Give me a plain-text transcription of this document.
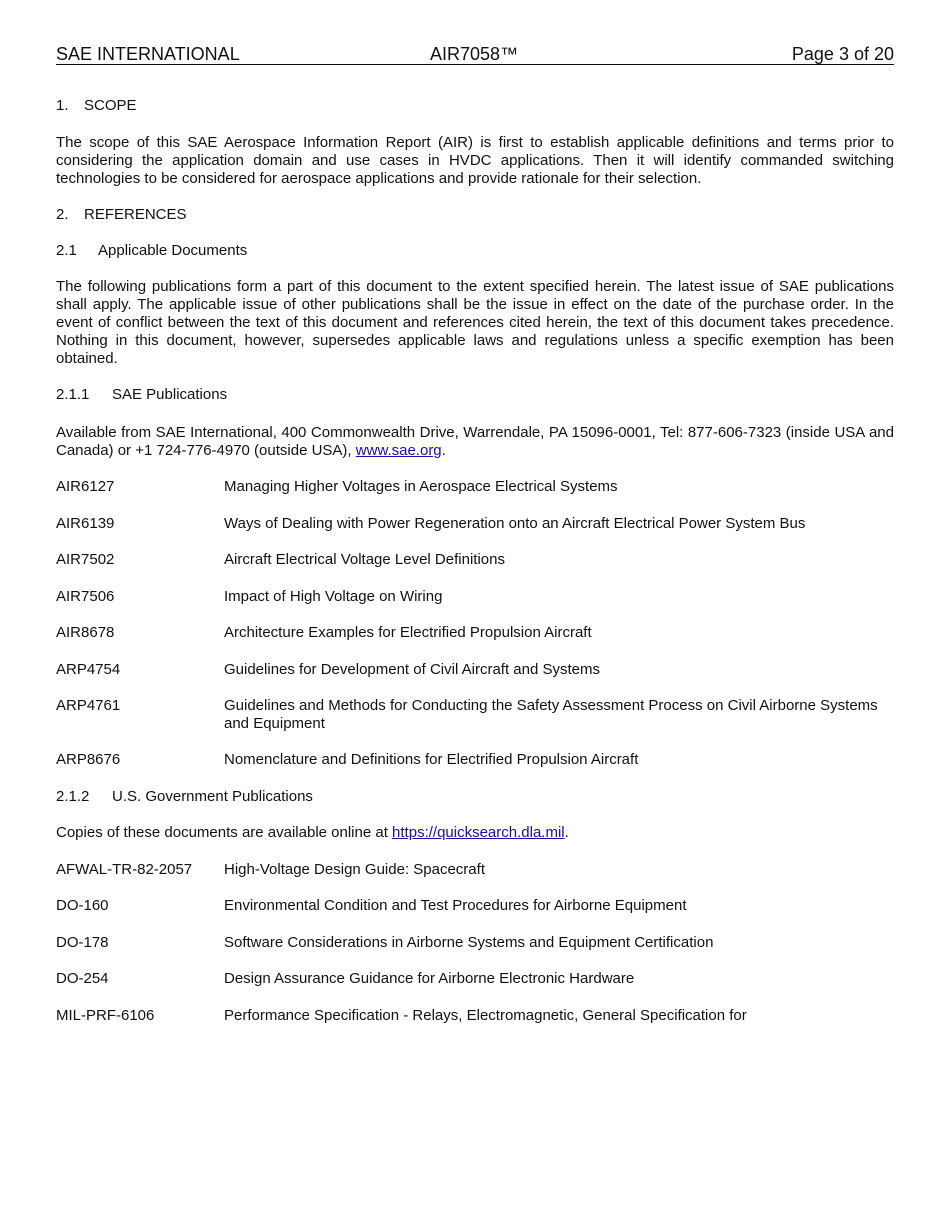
SAE INTERNATIONAL	AIR7058™	Page 3 of 20
1. SCOPE
The scope of this SAE Aerospace Information Report (AIR) is first to establish applicable definitions and terms prior to considering the application domain and use cases in HVDC applications. Then it will identify commanded switching technologies to be considered for aerospace applications and provide rationale for their selection.
2. REFERENCES
2.1 Applicable Documents
The following publications form a part of this document to the extent specified herein. The latest issue of SAE publications shall apply. The applicable issue of other publications shall be the issue in effect on the date of the purchase order. In the event of conflict between the text of this document and references cited herein, the text of this document takes precedence. Nothing in this document, however, supersedes applicable laws and regulations unless a specific exemption has been obtained.
2.1.1 SAE Publications
Available from SAE International, 400 Commonwealth Drive, Warrendale, PA 15096-0001, Tel: 877-606-7323 (inside USA and Canada) or +1 724-776-4970 (outside USA), www.sae.org.
AIR6127	Managing Higher Voltages in Aerospace Electrical Systems
AIR6139	Ways of Dealing with Power Regeneration onto an Aircraft Electrical Power System Bus
AIR7502	Aircraft Electrical Voltage Level Definitions
AIR7506	Impact of High Voltage on Wiring
AIR8678	Architecture Examples for Electrified Propulsion Aircraft
ARP4754	Guidelines for Development of Civil Aircraft and Systems
ARP4761	Guidelines and Methods for Conducting the Safety Assessment Process on Civil Airborne Systems and Equipment
ARP8676	Nomenclature and Definitions for Electrified Propulsion Aircraft
2.1.2 U.S. Government Publications
Copies of these documents are available online at https://quicksearch.dla.mil.
AFWAL-TR-82-2057	High-Voltage Design Guide: Spacecraft
DO-160	Environmental Condition and Test Procedures for Airborne Equipment
DO-178	Software Considerations in Airborne Systems and Equipment Certification
DO-254	Design Assurance Guidance for Airborne Electronic Hardware
MIL-PRF-6106	Performance Specification - Relays, Electromagnetic, General Specification for
